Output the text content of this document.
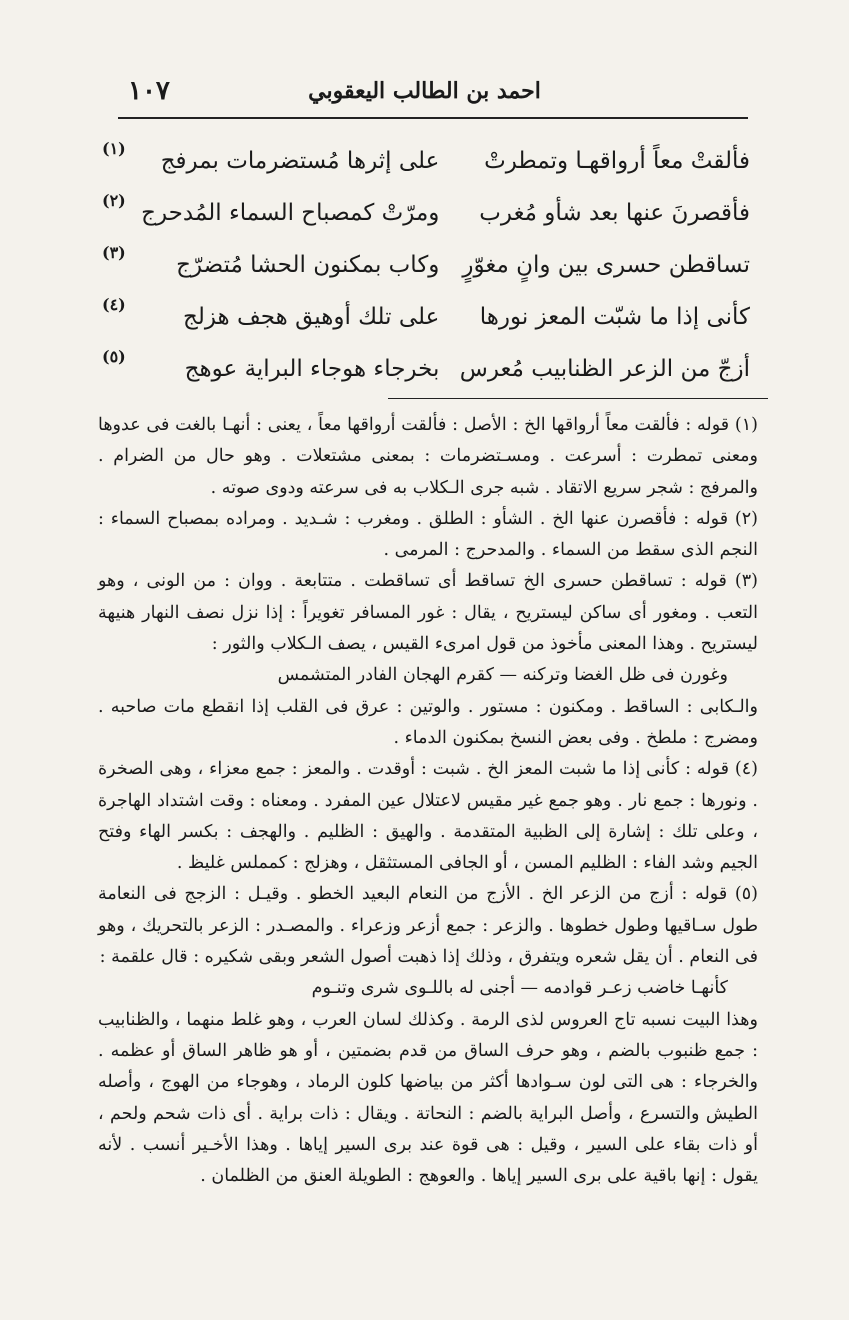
١٠٧	احمد بن الطالب اليعقوبي
فألقتْ معاً أرواقهـا وتمطرتْ
على إثرها مُستضرمات بمرفج
(١)
فأقصرنَ عنها بعد شأو مُغرب
ومرّتْ كمصباح السماء المُدحرج
(٢)
تساقطن حسرى بين وانٍ مغوّرٍ
وكاب بمكنون الحشا مُتضرّج
(٣)
كأنى إذا ما شبّت المعز نورها
على تلك أوهيق هجف هزلج
(٤)
أزجّ من الزعر الظنابيب مُعرس
بخرجاء هوجاء البراية عوهج
(٥)

(١) قوله : فألقت معاً أرواقها الخ : الأصل : فألقت أرواقها معاً ، يعنى : أنهـا بالغت فى عدوها ومعنى تمطرت : أسرعت . ومسـتضرمات : بمعنى مشتعلات . وهو حال من الضرام . والمرفج : شجر سريع الاتقاد . شبه جرى الـكلاب به فى سرعته ودوى صوته .

(٢) قوله : فأقصرن عنها الخ . الشأو : الطلق . ومغرب : شـديد . ومراده بمصباح السماء : النجم الذى سقط من السماء . والمدحرج : المرمى .

(٣) قوله : تساقطن حسرى الخ تساقط أى تساقطت . متتابعة . ووان : من الونى ، وهو التعب . ومغور أى ساكن ليستريح ، يقال : غور المسافر تغويراً : إذا نزل نصف النهار هنيهة ليستريح . وهذا المعنى مأخوذ من قول امرىء القيس ، يصف الـكلاب والثور :

وغورن فى ظل الغضا وتركنه — كقرم الهجان الفادر المتشمس

والـكابى : الساقط . ومكنون : مستور . والوتين : عرق فى القلب إذا انقطع مات صاحبه . ومضرج : ملطخ . وفى بعض النسخ بمكنون الدماء .

(٤) قوله : كأنى إذا ما شبت المعز الخ . شبت : أوقدت . والمعز : جمع معزاء ، وهى الصخرة . ونورها : جمع نار . وهو جمع غير مقيس لاعتلال عين المفرد . ومعناه : وقت اشتداد الهاجرة ، وعلى تلك : إشارة إلى الظبية المتقدمة . والهيق : الظليم . والهجف : بكسر الهاء وفتح الجيم وشد الفاء : الظليم المسن ، أو الجافى المستثقل ، وهزلج : كمملس غليظ .

(٥) قوله : أزج من الزعر الخ . الأزج من النعام البعيد الخطو . وقيـل : الزجج فى النعامة طول سـاقيها وطول خطوها . والزعر : جمع أزعر وزعراء . والمصـدر : الزعر بالتحريك ، وهو فى النعام . أن يقل شعره ويتفرق ، وذلك إذا ذهبت أصول الشعر وبقى شكيره : قال علقمة :

كأنهـا خاضب زعـر قوادمه — أجنى له باللـوى شرى وتنـوم

وهذا البيت نسبه تاج العروس لذى الرمة . وكذلك لسان العرب ، وهو غلط منهما ، والظنابيب : جمع ظنبوب بالضم ، وهو حرف الساق من قدم بضمتين ، أو هو ظاهر الساق أو عظمه . والخرجاء : هى التى لون سـوادها أكثر من بياضها كلون الرماد ، وهوجاء من الهوج ، وأصله الطيش والتسرع ، وأصل البراية بالضم : النحاتة . ويقال : ذات براية . أى ذات شحم ولحم ، أو ذات بقاء على السير ، وقيل : هى قوة عند برى السير إياها . وهذا الأخـير أنسب . لأنه يقول : إنها باقية على برى السير إياها . والعوهج : الطويلة العنق من الظلمان .
